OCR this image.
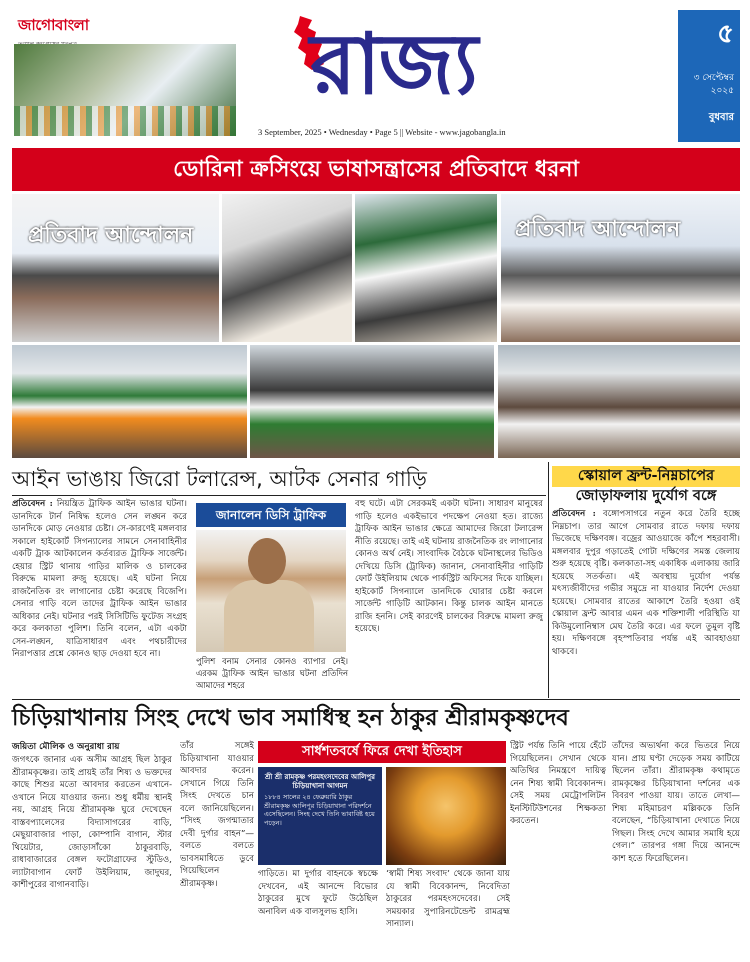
জাগোবাংলা	রাজ্য
3 September, 2025 • Wednesday • Page 5 || Website - www.jagobangla.in
৫
৩ সেপ্টেম্বর ২০২৫
বুধবার
ডোরিনা ক্রসিংয়ে ভাষাসন্ত্রাসের প্রতিবাদে ধরনা
প্রতিবাদ আন্দোলন	প্রতিবাদ আন্দোলন
আইন ভাঙায় জিরো টলারেন্স, আটক সেনার গাড়ি
প্রতিবেদন : নিয়ন্ত্রিত ট্রাফিক আইন ভাঙার ঘটনা। ডানদিকে টার্ন নিষিদ্ধ হলেও সেন লঙ্ঘন করে ডানদিকে মোড় নেওয়ার চেষ্টা। সে-কারণেই মঙ্গলবার সকালে হাইকোর্ট সিগন্যালের সামনে সেনাবাহিনীর একটি ট্রাক আটকালেন কর্তব্যরত ট্রাফিক সার্জেন্ট। হেয়ার স্ট্রিট থানায় গাড়ির মালিক ও চালকের বিরুদ্ধে মামলা রুজু হয়েছে। এই ঘটনা নিয়ে রাজনৈতিক রং লাগানোর চেষ্টা করেছে বিজেপি। সেনার গাড়ি বলে তাদের ট্রাফিক আইন ভাঙার অধিকার নেই। ঘটনার পরই সিসিটিভি ফুটেজ সংগ্রহ করে কলকাতা পুলিশ। তিনি বলেন, এটা একটা সেন-লঙ্ঘন, যাত্রিসাধারণ এবং পথচারীদের নিরাপত্তার প্রশ্নে কোনও ছাড় দেওয়া হবে না।
জানালেন ডিসি ট্রাফিক
পুলিশ বনাম সেনার কোনও ব্যাপার নেই। এরকম ট্রাফিক আইন ভাঙার ঘটনা প্রতিদিন আমাদের শহরে
বহু ঘটে। এটা সেরকমই একটা ঘটনা। সাধারণ মানুষের গাড়ি হলেও একইভাবে পদক্ষেপ নেওয়া হত। রাজ্যে ট্রাফিক আইন ভাঙার ক্ষেত্রে আমাদের জিরো টলারেন্স নীতি রয়েছে। তাই এই ঘটনায় রাজনৈতিক রং লাগানোর কোনও অর্থ নেই। সাংবাদিক বৈঠকে ঘটনাস্থলের ভিডিও দেখিয়ে ডিসি (ট্রাফিক) জানান, সেনাবাহিনীর গাড়িটি ফোর্ট উইলিয়াম থেকে পার্কস্ট্রিট অফিসের দিকে যাচ্ছিল। হাইকোর্ট সিগন্যালে ডানদিকে ঘোরার চেষ্টা করলে সার্জেন্ট গাড়িটি আটকান। কিন্তু চালক আইন মানতে রাজি হননি। সেই কারণেই চালকের বিরুদ্ধে মামলা রুজু হয়েছে।
স্কোয়াল ফ্রন্ট-নিম্নচাপের
জোড়াফলায় দুর্যোগ বঙ্গে
প্রতিবেদন : বঙ্গোপসাগরে নতুন করে তৈরি হচ্ছে নিম্নচাপ। তার আগে সোমবার রাতে দফায় দফায় ভিজেছে দক্ষিণবঙ্গ। বজ্রের আওয়াজে কাঁপে শহরবাসী। মঙ্গলবার দুপুর গড়াতেই গোটা দক্ষিণের সমস্ত জেলায় শুরু হয়েছে বৃষ্টি। কলকাতা-সহ একাধিক এলাকায় জারি হয়েছে সতর্কতা। এই অবস্থায় দুর্যোগ পর্যন্ত মৎস্যজীবীদের গভীর সমুদ্রে না যাওয়ার নির্দেশ দেওয়া হয়েছে। সোমবার রাতের আকাশে তৈরি হওয়া ওই স্কোয়াল ফ্রন্ট আবার এমন এক শক্তিশালী পরিস্থিতি যা কিউমুলোনিম্বাস মেঘ তৈরি করে। এর ফলে তুমুল বৃষ্টি হয়। দক্ষিণবঙ্গে বৃহস্পতিবার পর্যন্ত এই আবহাওয়া থাকবে।
চিড়িয়াখানায় সিংহ দেখে ভাব সমাধিস্থ হন ঠাকুর শ্রীরামকৃষ্ণদেব
জয়িতা মৌলিক ও অনুরাধা রায়
জগৎকে জানার এক অসীম আগ্রহ ছিল ঠাকুর শ্রীরামকৃষ্ণের। তাই প্রায়ই তাঁর শিষ্য ও ভক্তদের কাছে শিশুর মতো আবদার করতেন এখানে-ওখানে নিয়ে যাওয়ার জন্য। শুধু ধর্মীয় স্থানই নয়, আগ্রহ নিয়ে শ্রীরামকৃষ্ণ ঘুরে দেখেছেন বাস্তবপ্যালেসের বিদ্যাসাগরের বাড়ি, মেছুয়াবাজার পাড়া, কোম্পানি বাগান, স্টার থিয়েটার, জোড়াসাঁকো ঠাকুরবাড়ি, রাধাবাজারের বেঙ্গল ফটোগ্রাফের স্টুডিও, ল্যাটাবাগান ফোর্ট উইলিয়াম, জাদুঘর, কাশীপুরের বাগানবাড়ি।
তাঁর সঙ্গেই চিড়িয়াখানা যাওয়ার আবদার করেন। সেখানে গিয়ে তিনি সিংহ দেখতে চান বলে জানিয়েছিলেন। “সিংহ জগন্মাতার দেবী দুর্গার বাহন”— বলতে বলতে ভাবসমাধিতে ডুবে গিয়েছিলেন শ্রীরামকৃষ্ণ।
সার্ধশতবর্ষে ফিরে দেখা ইতিহাস
শ্রী শ্রী রামকৃষ্ণ পরমহংসদেবের আলিপুর চিড়িয়াখানা আগমন
১৮৮৪ সালের ২৪ ফেব্রুয়ারি ঠাকুর শ্রীরামকৃষ্ণ আলিপুর চিড়িয়াখানা পরিদর্শনে এসেছিলেন। সিংহ দেখে তিনি ভাবাবিষ্ট হয়ে পড়েন।
গাড়িতে। মা দুর্গার বাহনকে স্বচক্ষে দেখবেন, এই আনন্দে বিভোর ঠাকুরের মুখে ফুটে উঠেছিল অনাবিল এক বালসুলভ হাসি।
‘স্বামী শিষ্য সংবাদ’ থেকে জানা যায় যে স্বামী বিবেকানন্দ, নিবেদিতা ঠাকুরের পরমহংসদেবের। সেই সময়কার সুপারিনটেন্ডেন্ট রামব্রহ্ম সান্যাল।
স্ট্রিট পর্যন্ত তিনি পায়ে হেঁটে গিয়েছিলেন। সেখান থেকে অতিথির নিমন্ত্রণে দায়িত্ব নেন শিষ্য স্বামী বিবেকানন্দ। সেই সময় মেট্রোপলিটন ইনস্টিটিউশনের শিক্ষকতা করতেন।
তাঁদের অভ্যর্থনা করে ভিতরে নিয়ে যান। প্রায় ঘণ্টা দেড়েক সময় কাটিয়ে ছিলেন তাঁরা। শ্রীরামকৃষ্ণ কথামৃতে রামকৃষ্ণের চিড়িয়াখানা দর্শনের এক বিবরণ পাওয়া যায়। তাতে লেখা— শিষ্য মহিমাচরণ মল্লিককে তিনি বলেছেন, “চিড়িয়াখানা দেখাতে নিয়ে গিছল। সিংহ দেখে আমার সমাধি হয়ে গেল।” তারপর গঙ্গা দিয়ে আনন্দে কাশ হতে ফিরেছিলেন।
